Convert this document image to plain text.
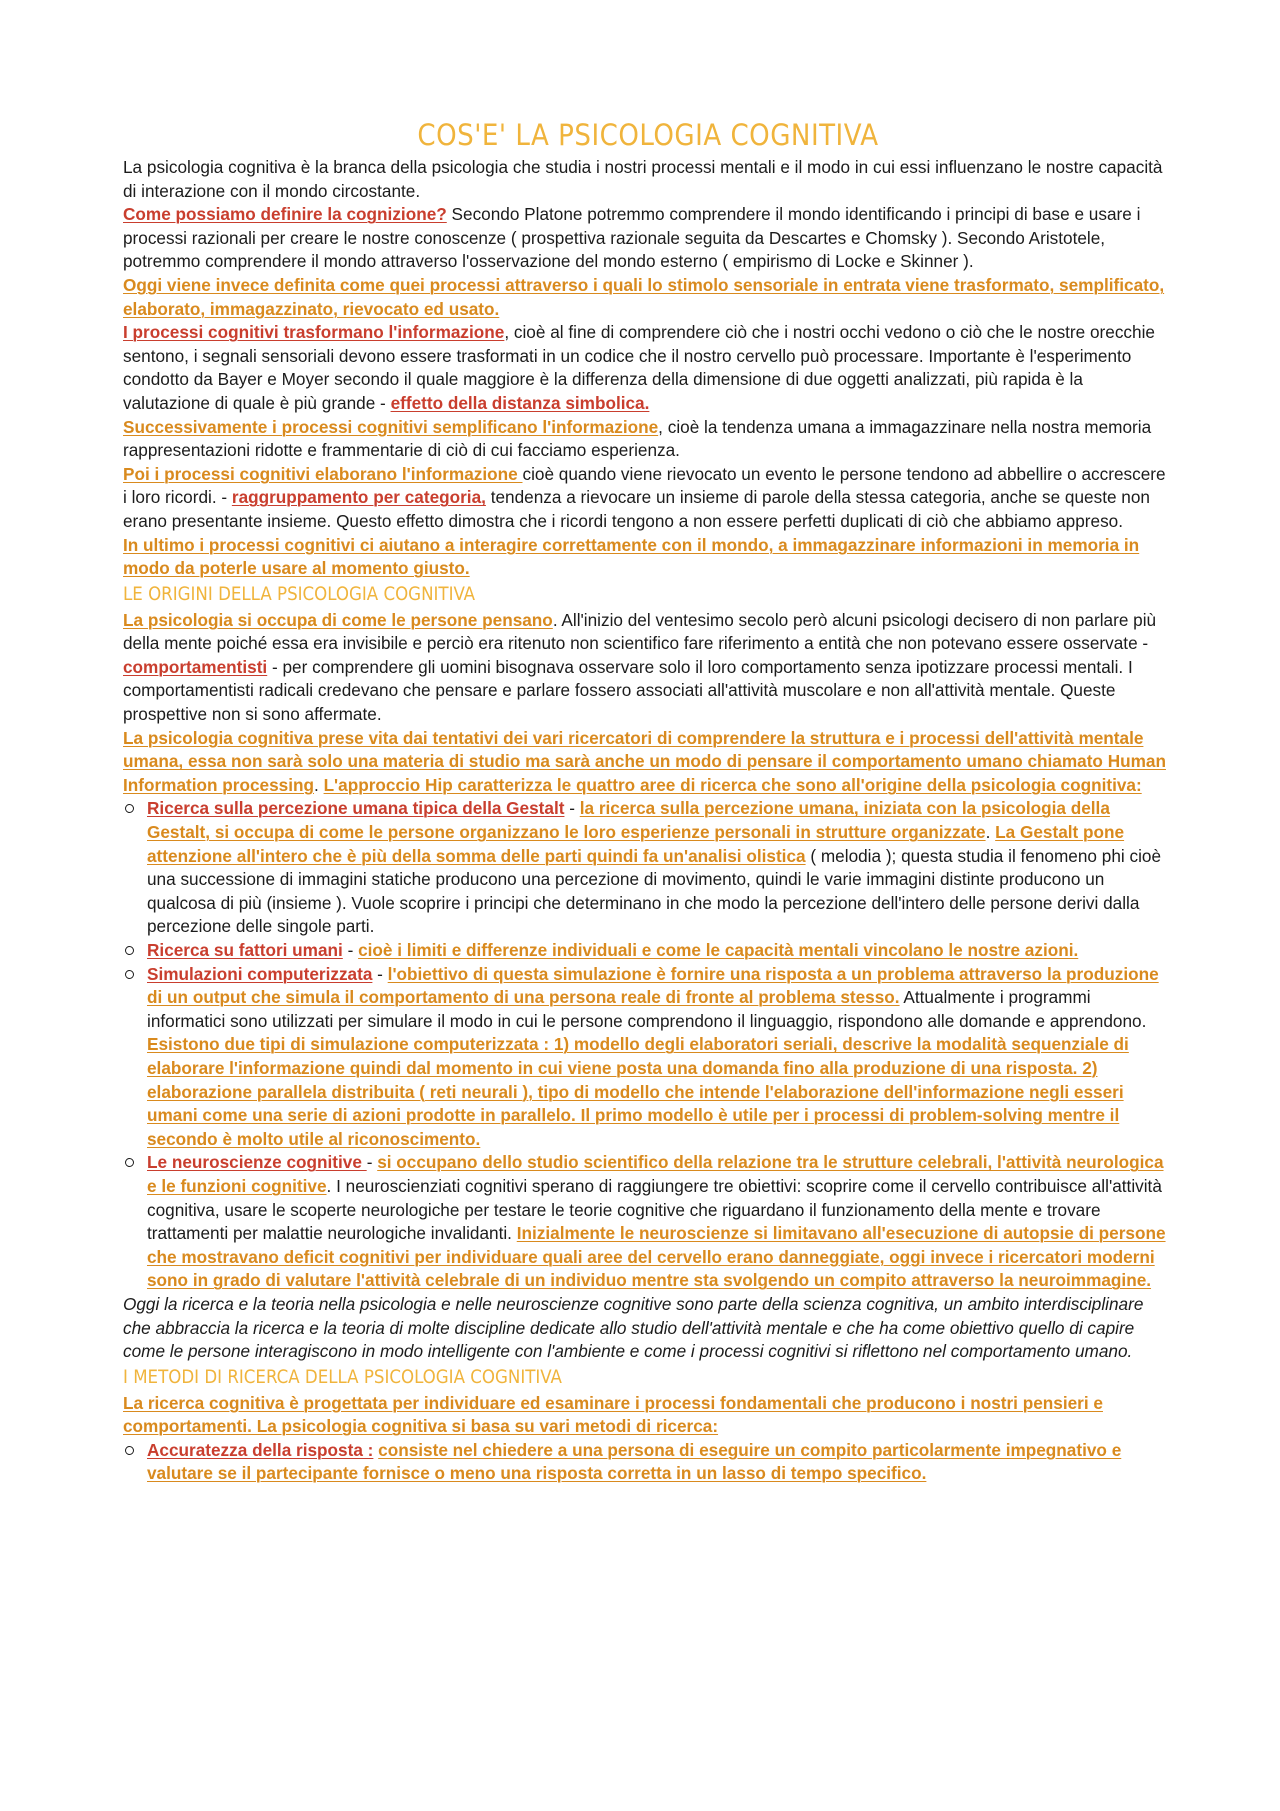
COS'E' LA PSICOLOGIA COGNITIVA

La psicologia cognitiva è la branca della psicologia che studia i nostri processi mentali e il modo in cui essi influenzano le nostre capacità di interazione con il mondo circostante.

Come possiamo definire la cognizione? Secondo Platone potremmo comprendere il mondo identificando i principi di base e usare i processi razionali per creare le nostre conoscenze ( prospettiva razionale seguita da Descartes e Chomsky ). Secondo Aristotele, potremmo comprendere il mondo attraverso l'osservazione del mondo esterno ( empirismo di Locke e Skinner ).

Oggi viene invece definita come quei processi attraverso i quali lo stimolo sensoriale in entrata viene trasformato, semplificato, elaborato, immagazzinato, rievocato ed usato.

I processi cognitivi trasformano l'informazione, cioè al fine di comprendere ciò che i nostri occhi vedono o ciò che le nostre orecchie sentono, i segnali sensoriali devono essere trasformati in un codice che il nostro cervello può processare. Importante è l'esperimento condotto da Bayer e Moyer secondo il quale maggiore è la differenza della dimensione di due oggetti analizzati, più rapida è la valutazione di quale è più grande - effetto della distanza simbolica.

Successivamente i processi cognitivi semplificano l'informazione, cioè la tendenza umana a immagazzinare nella nostra memoria rappresentazioni ridotte e frammentarie di ciò di cui facciamo esperienza.

Poi i processi cognitivi elaborano l'informazione cioè quando viene rievocato un evento le persone tendono ad abbellire o accrescere i loro ricordi. - raggruppamento per categoria, tendenza a rievocare un insieme di parole della stessa categoria, anche se queste non erano presentante insieme. Questo effetto dimostra che i ricordi tengono a non essere perfetti duplicati di ciò che abbiamo appreso.

In ultimo i processi cognitivi ci aiutano a interagire correttamente con il mondo, a immagazzinare informazioni in memoria in modo da poterle usare al momento giusto.

LE ORIGINI DELLA PSICOLOGIA COGNITIVA

La psicologia si occupa di come le persone pensano. All'inizio del ventesimo secolo però alcuni psicologi decisero di non parlare più della mente poiché essa era invisibile e perciò era ritenuto non scientifico fare riferimento a entità che non potevano essere osservate - comportamentisti - per comprendere gli uomini bisognava osservare solo il loro comportamento senza ipotizzare processi mentali. I comportamentisti radicali credevano che pensare e parlare fossero associati all'attività muscolare e non all'attività mentale. Queste prospettive non si sono affermate.

La psicologia cognitiva prese vita dai tentativi dei vari ricercatori di comprendere la struttura e i processi dell'attività mentale umana, essa non sarà solo una materia di studio ma sarà anche un modo di pensare il comportamento umano chiamato Human Information processing. L'approccio Hip caratterizza le quattro aree di ricerca che sono all'origine della psicologia cognitiva:

Ricerca sulla percezione umana tipica della Gestalt - la ricerca sulla percezione umana, iniziata con la psicologia della Gestalt, si occupa di come le persone organizzano le loro esperienze personali in strutture organizzate. La Gestalt pone attenzione all'intero che è più della somma delle parti quindi fa un'analisi olistica ( melodia ); questa studia il fenomeno phi cioè una successione di immagini statiche producono una percezione di movimento, quindi le varie immagini distinte producono un qualcosa di più (insieme ). Vuole scoprire i principi che determinano in che modo la percezione dell'intero delle persone derivi dalla percezione delle singole parti.
Ricerca su fattori umani - cioè i limiti e differenze individuali e come le capacità mentali vincolano le nostre azioni.
Simulazioni computerizzata - l'obiettivo di questa simulazione è fornire una risposta a un problema attraverso la produzione di un output che simula il comportamento di una persona reale di fronte al problema stesso. Attualmente i programmi informatici sono utilizzati per simulare il modo in cui le persone comprendono il linguaggio, rispondono alle domande e apprendono. Esistono due tipi di simulazione computerizzata : 1) modello degli elaboratori seriali, descrive la modalità sequenziale di elaborare l'informazione quindi dal momento in cui viene posta una domanda fino alla produzione di una risposta. 2) elaborazione parallela distribuita ( reti neurali ), tipo di modello che intende l'elaborazione dell'informazione negli esseri umani come una serie di azioni prodotte in parallelo. Il primo modello è utile per i processi di problem-solving mentre il secondo è molto utile al riconoscimento.
Le neuroscienze cognitive - si occupano dello studio scientifico della relazione tra le strutture celebrali, l'attività neurologica e le funzioni cognitive. I neuroscienziati cognitivi sperano di raggiungere tre obiettivi: scoprire come il cervello contribuisce all'attività cognitiva, usare le scoperte neurologiche per testare le teorie cognitive che riguardano il funzionamento della mente e trovare trattamenti per malattie neurologiche invalidanti. Inizialmente le neuroscienze si limitavano all'esecuzione di autopsie di persone che mostravano deficit cognitivi per individuare quali aree del cervello erano danneggiate, oggi invece i ricercatori moderni sono in grado di valutare l'attività celebrale di un individuo mentre sta svolgendo un compito attraverso la neuroimmagine.

Oggi la ricerca e la teoria nella psicologia e nelle neuroscienze cognitive sono parte della scienza cognitiva, un ambito interdisciplinare che abbraccia la ricerca e la teoria di molte discipline dedicate allo studio dell'attività mentale e che ha come obiettivo quello di capire come le persone interagiscono in modo intelligente con l'ambiente e come i processi cognitivi si riflettono nel comportamento umano.

I METODI DI RICERCA DELLA PSICOLOGIA COGNITIVA

La ricerca cognitiva è progettata per individuare ed esaminare i processi fondamentali che producono i nostri pensieri e comportamenti. La psicologia cognitiva si basa su vari metodi di ricerca:

Accuratezza della risposta : consiste nel chiedere a una persona di eseguire un compito particolarmente impegnativo e valutare se il partecipante fornisce o meno una risposta corretta in un lasso di tempo specifico.
